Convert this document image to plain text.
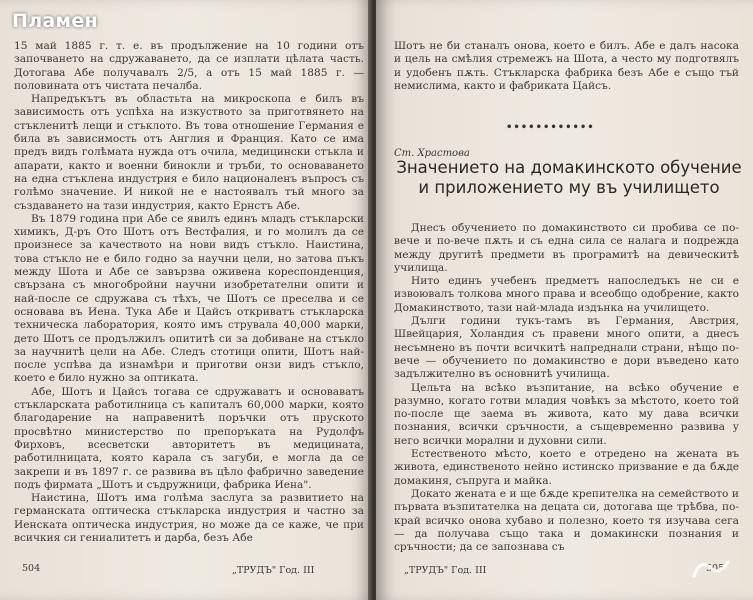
15 май 1885 г. т. е. въ продължение на 10 години отъ започването на сдружаването, да се изплати цѣлата часть. Дотогава Абе получавалъ 2/5, а отъ 15 май 1885 г. — половината отъ чистата печалба.

Напредъкътъ въ областьта на микроскопа е билъ въ зависимость отъ успѣха на изкуството за приготвянето на стъкленитѣ лещи и стъклото. Въ това отношение Германия е била въ зависимость отъ Англия и Франция. Като се има предъ видъ голѣмата нужда отъ очила, медицински стъкла и апарати, както и военни бинокли и тръби, то основаването на една стъклена индустрия е било националенъ въпросъ съ голѣмо значение. И никой не е настоявалъ тъй много за създаването на тази индустрия, както Ернстъ Абе.

Въ 1879 година при Абе се явилъ единъ младъ стъкларски химикъ, Д-ръ Ото Шотъ отъ Вестфалия, и го молилъ да се произнесе за качеството на нови видъ стъкло. Наистина, това стъкло не е било годно за научни цели, но затова пъкъ между Шота и Абе се завързва оживена кореспонденция, свързана съ многобройни научни изобретателни опити и най-после се сдружава съ тѣхъ, че Шотъ се преселва и се основава въ Иена. Тука Абе и Цайсъ откриватъ стъкларска техническа лаборатория, която имъ струвала 40,000 марки, дето Шотъ се продължилъ опититѣ си за добиване на стъкло за научнитѣ цели на Абе. Следъ стотици опити, Шотъ най-после успѣва да изнамѣри и приготви онзи видъ стъкло, което е било нужно за оптиката.

Абе, Шотъ и Цайсъ тогава се сдружаватъ и основаватъ стъкларската работилница съ капиталъ 60,000 марки, която благодарение на направенитѣ поръчки отъ пруското просвѣтно министерство по препоръката на Рудолфъ Фирховъ, всесветски авторитетъ въ медицината, работилницата, която карала съ загуби, е могла да се закрепи и въ 1897 г. се развива въ цѣло фабрично заведение подъ фирмата „Шотъ и съдружници, фабрика Иена".

Наистина, Шотъ има голѣма заслуга за развитието на германската оптическа стъкларска индустрия и частно за Иенската оптическа индустрия, но може да се каже, че при всичкия си гениалитетъ и дарба, безъ Абе

504	„ТРУДЪ" Год. III

Шотъ не би станалъ онова, което е билъ. Абе е далъ насока и цель на смѣлия стремежъ на Шота, а често му подготвялъ и удобенъ пѫть. Стъкларска фабрика безъ Абе е също тъй немислима, както и фабриката Цайсъ.

••••••••••••
Ст. Храстова
Значението на домакинското обучение и приложението му въ училището

Днесъ обучението по домакинството си пробива се по-вече и по-вече пѫть и съ една сила се налага и подрежда между другитѣ предмети въ програмитѣ на девическитѣ училища.

Нито единъ учебенъ предметъ напоследъкъ не си е извоювалъ толкова много права и всеобщо одобрение, както Домакинството, тази най-млада издънка на училището.

Дълги години тукъ-тамъ въ Германия, Австрия, Швейцария, Холандия съ правени много опити, а днесъ несъмнено въ почти всичкитѣ напреднали страни, нѣщо по-вече — обучението по домакинство е дори въведено като задължително въ основнитѣ училища.

Цельта на всѣко възпитание, на всѣко обучение е разумно, когато готви младия човѣкъ за мѣстото, което той по-после ще заема въ живота, като му дава всички познания, всички сръчности, а същевременно развива у него всички морални и духовни сили.

Естественото мѣсто, което е отредено на жената въ живота, единственото нейно истинско призвание е да бѫде домакиня, съпруга и майка.

Докато жената е и ще бѫде крепителка на семейството и първата възпитателка на децата си, дотогава ще трѣбва, по-край всичко онова хубаво и полезно, което тя изучава сега — да получава също така и домакински познания и сръчности; да се запознава съ

„ТРУДЪ" Год. III	505
Пламен
